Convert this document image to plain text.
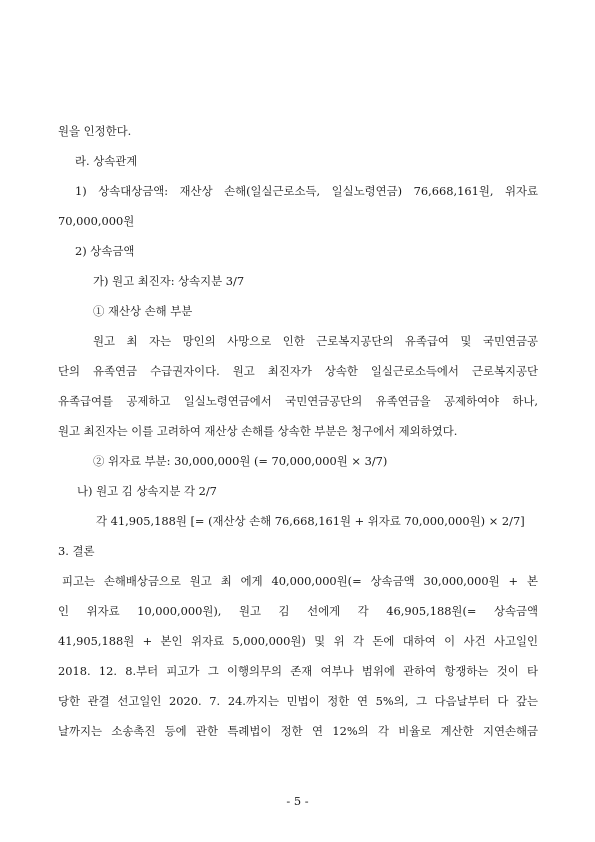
원을 인정한다.
라. 상속관계
1) 상속대상금액: 재산상 손해(일실근로소득, 일실노령연금) 76,668,161원, 위자료
70,000,000원
2) 상속금액
가) 원고 최진자: 상속지분 3/7
① 재산상 손해 부분
원고 최 자는 망인의 사망으로 인한 근로복지공단의 유족급여 및 국민연금공
단의 유족연금 수급권자이다. 원고 최진자가 상속한 일실근로소득에서 근로복지공단
유족급여를 공제하고 일실노령연금에서 국민연금공단의 유족연금을 공제하여야 하나,
원고 최진자는 이를 고려하여 재산상 손해를 상속한 부분은 청구에서 제외하였다.
② 위자료 부분: 30,000,000원 (= 70,000,000원 × 3/7)
나) 원고 김 상속지분 각 2/7
각 41,905,188원 [= (재산상 손해 76,668,161원 + 위자료 70,000,000원) × 2/7]
3. 결론
피고는 손해배상금으로 원고 최 에게 40,000,000원(= 상속금액 30,000,000원 + 본
인 위자료 10,000,000원), 원고 김 선에게 각 46,905,188원(= 상속금액
41,905,188원 + 본인 위자료 5,000,000원) 및 위 각 돈에 대하여 이 사건 사고일인
2018. 12. 8.부터 피고가 그 이행의무의 존재 여부나 범위에 관하여 항쟁하는 것이 타
당한 관결 선고일인 2020. 7. 24.까지는 민법이 정한 연 5%의, 그 다음날부터 다 갚는
날까지는 소송촉진 등에 관한 특례법이 정한 연 12%의 각 비율로 계산한 지연손해금
- 5 -
